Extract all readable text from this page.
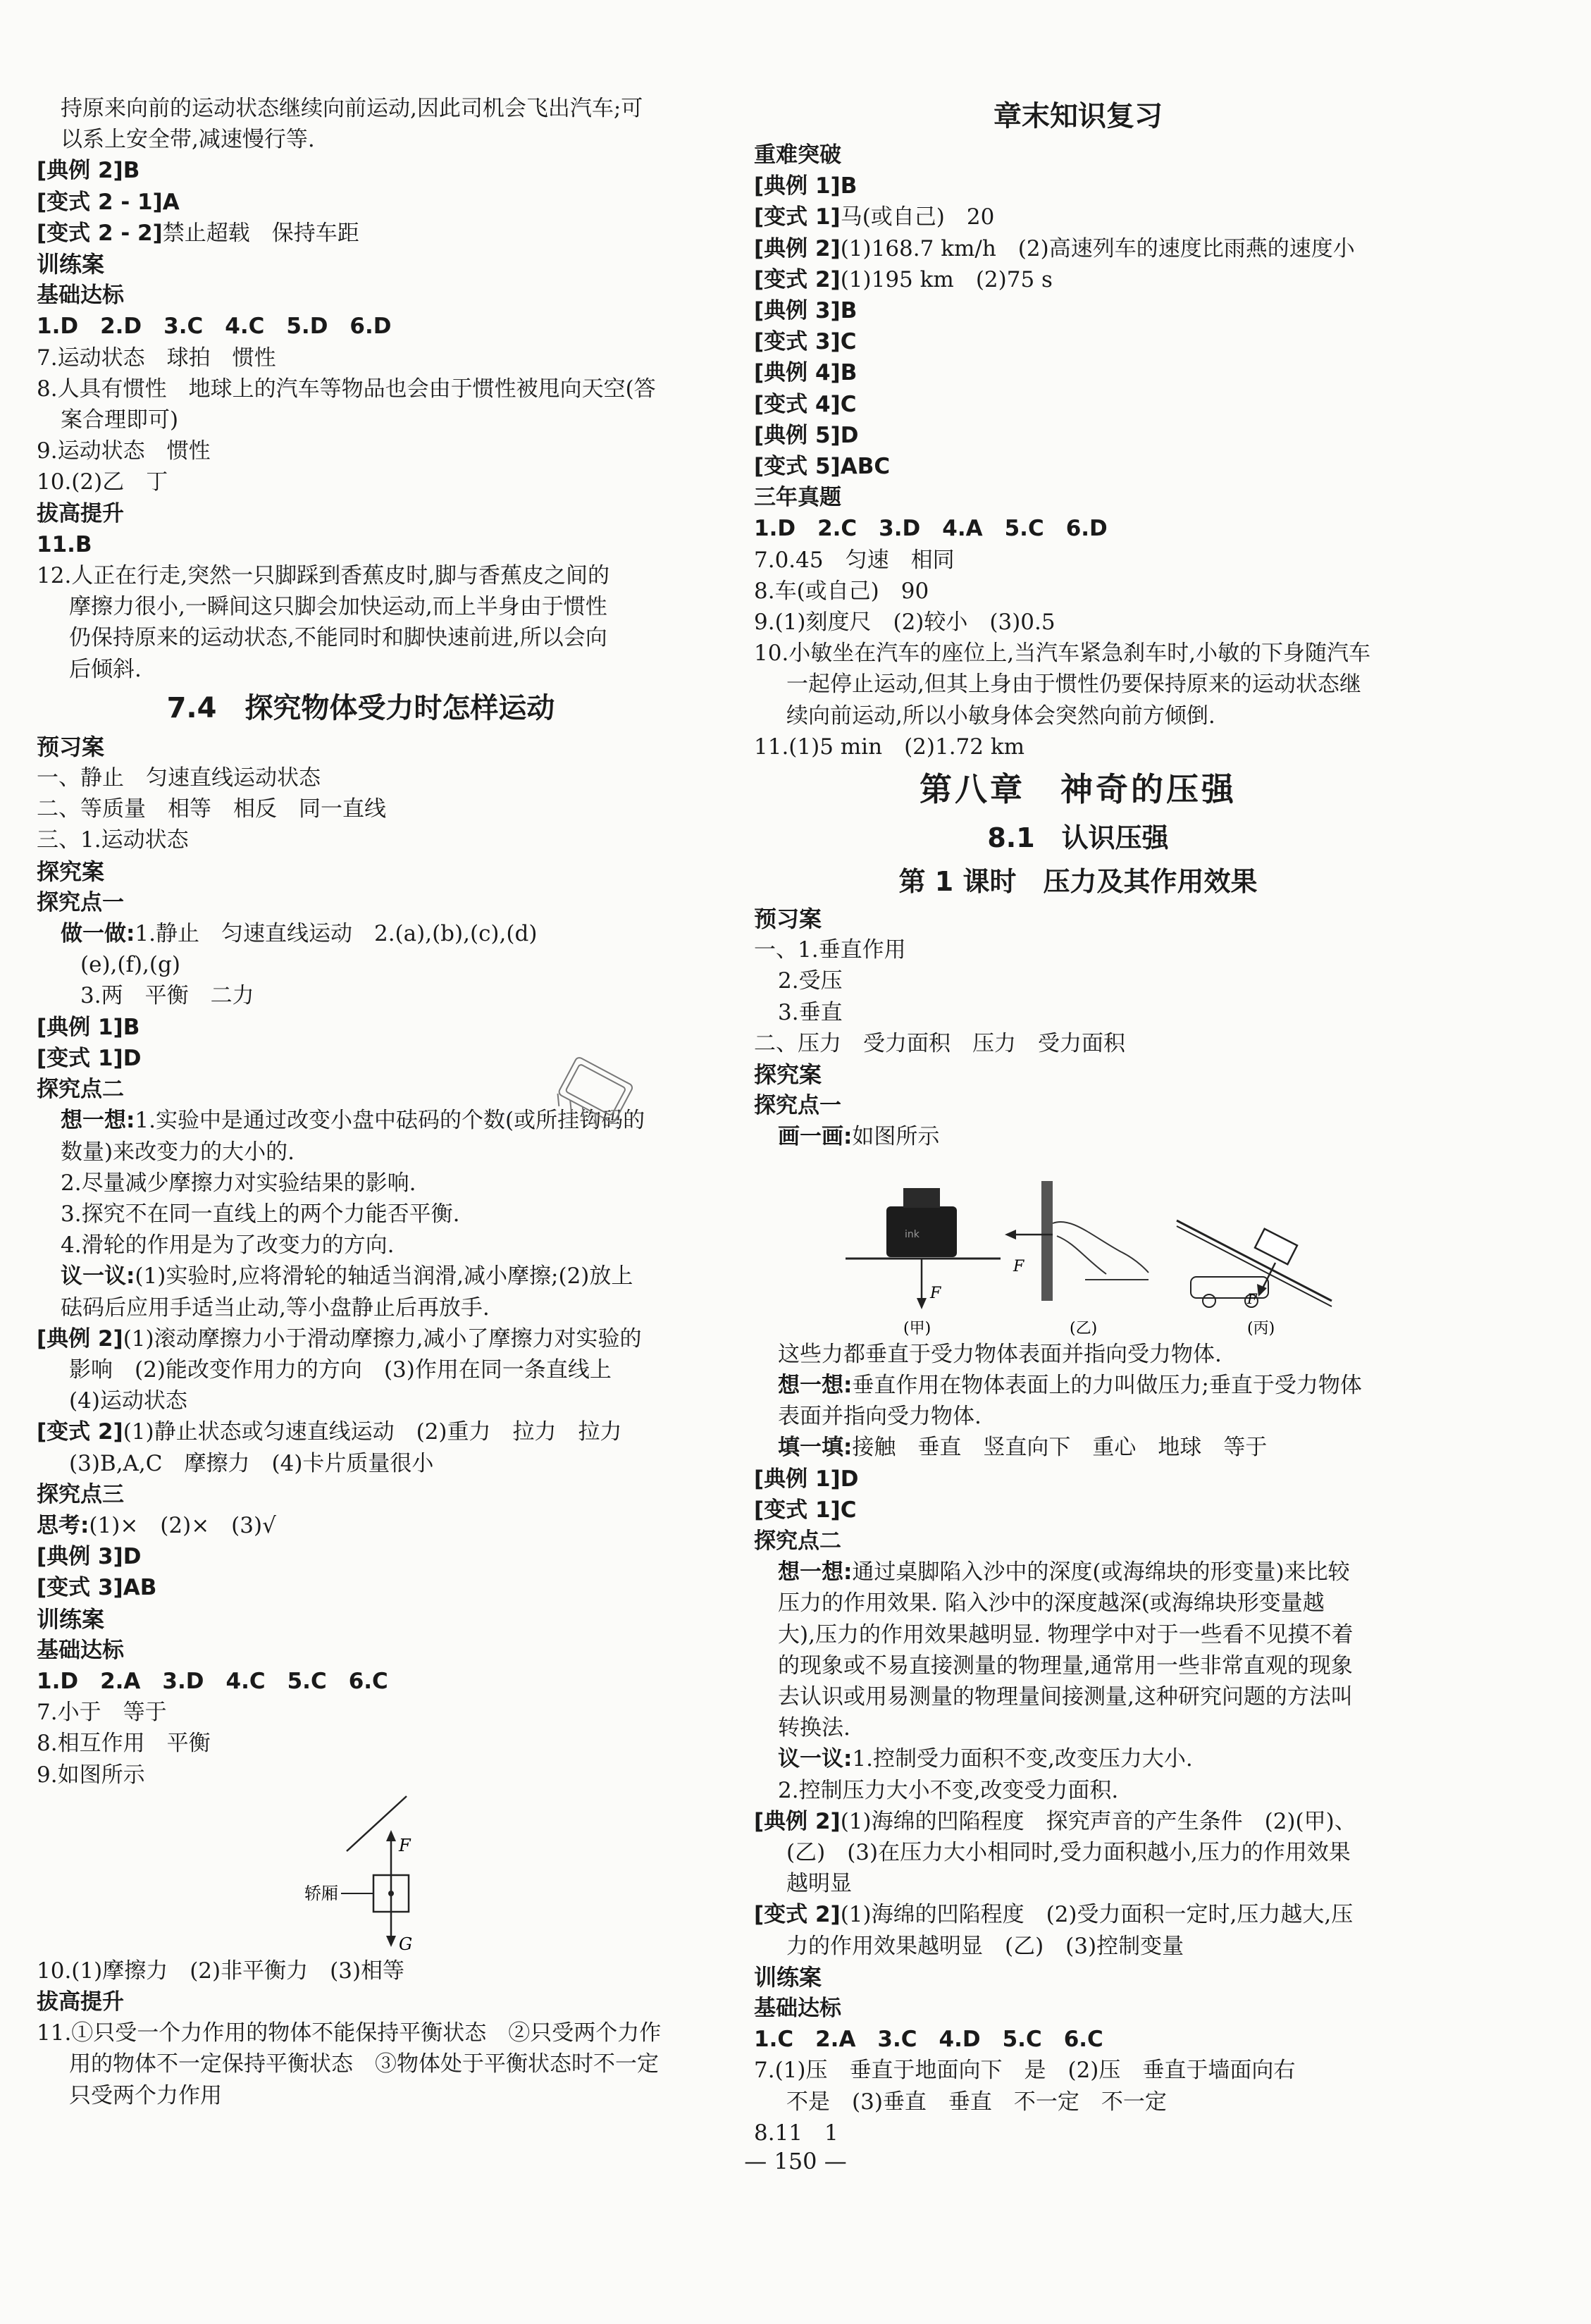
持原来向前的运动状态继续向前运动,因此司机会飞出汽车;可
以系上安全带,减速慢行等.
[典例 2]B
[变式 2 - 1]A
[变式 2 - 2]禁止超载　保持车距
训练案
基础达标
1.D　2.D　3.C　4.C　5.D　6.D
7.运动状态　球拍　惯性
8.人具有惯性　地球上的汽车等物品也会由于惯性被甩向天空(答
案合理即可)
9.运动状态　惯性
10.(2)乙　丁
拔高提升
11.B
12.人正在行走,突然一只脚踩到香蕉皮时,脚与香蕉皮之间的
摩擦力很小,一瞬间这只脚会加快运动,而上半身由于惯性
仍保持原来的运动状态,不能同时和脚快速前进,所以会向
后倾斜.
7.4　探究物体受力时怎样运动
预习案
一、静止　匀速直线运动状态
二、等质量　相等　相反　同一直线
三、1.运动状态
探究案
探究点一
做一做:1.静止　匀速直线运动　2.(a),(b),(c),(d)
(e),(f),(g)
3.两　平衡　二力
[典例 1]B
[变式 1]D
探究点二
想一想:1.实验中是通过改变小盘中砝码的个数(或所挂钩码的
数量)来改变力的大小的.
2.尽量减少摩擦力对实验结果的影响.
3.探究不在同一直线上的两个力能否平衡.
4.滑轮的作用是为了改变力的方向.
议一议:(1)实验时,应将滑轮的轴适当润滑,减小摩擦;(2)放上
砝码后应用手适当止动,等小盘静止后再放手.
[典例 2](1)滚动摩擦力小于滑动摩擦力,减小了摩擦力对实验的
影响　(2)能改变作用力的方向　(3)作用在同一条直线上
(4)运动状态
[变式 2](1)静止状态或匀速直线运动　(2)重力　拉力　拉力
(3)B,A,C　摩擦力　(4)卡片质量很小
探究点三
思考:(1)×　(2)×　(3)√
[典例 3]D
[变式 3]AB
训练案
基础达标
1.D　2.A　3.D　4.C　5.C　6.C
7.小于　等于
8.相互作用　平衡
9.如图所示
F
G
轿厢
10.(1)摩擦力　(2)非平衡力　(3)相等
拔高提升
11.①只受一个力作用的物体不能保持平衡状态　②只受两个力作
用的物体不一定保持平衡状态　③物体处于平衡状态时不一定
只受两个力作用
章末知识复习
重难突破
[典例 1]B
[变式 1]马(或自己)　20
[典例 2](1)168.7 km/h　(2)高速列车的速度比雨燕的速度小
[变式 2](1)195 km　(2)75 s
[典例 3]B
[变式 3]C
[典例 4]B
[变式 4]C
[典例 5]D
[变式 5]ABC
三年真题
1.D　2.C　3.D　4.A　5.C　6.D
7.0.45　匀速　相同
8.车(或自己)　90
9.(1)刻度尺　(2)较小　(3)0.5
10.小敏坐在汽车的座位上,当汽车紧急刹车时,小敏的下身随汽车
一起停止运动,但其上身由于惯性仍要保持原来的运动状态继
续向前运动,所以小敏身体会突然向前方倾倒.
11.(1)5 min　(2)1.72 km
第八章　神奇的压强
8.1　认识压强
第 1 课时　压力及其作用效果
预习案
一、1.垂直作用
2.受压
3.垂直
二、压力　受力面积　压力　受力面积
探究案
探究点一
画一画:如图所示
ink
F
(甲)
F
(乙)
F
(丙)
这些力都垂直于受力物体表面并指向受力物体.
想一想:垂直作用在物体表面上的力叫做压力;垂直于受力物体
表面并指向受力物体.
填一填:接触　垂直　竖直向下　重心　地球　等于
[典例 1]D
[变式 1]C
探究点二
想一想:通过桌脚陷入沙中的深度(或海绵块的形变量)来比较
压力的作用效果. 陷入沙中的深度越深(或海绵块形变量越
大),压力的作用效果越明显. 物理学中对于一些看不见摸不着
的现象或不易直接测量的物理量,通常用一些非常直观的现象
去认识或用易测量的物理量间接测量,这种研究问题的方法叫
转换法.
议一议:1.控制受力面积不变,改变压力大小.
2.控制压力大小不变,改变受力面积.
[典例 2](1)海绵的凹陷程度　探究声音的产生条件　(2)(甲)、
(乙)　(3)在压力大小相同时,受力面积越小,压力的作用效果
越明显
[变式 2](1)海绵的凹陷程度　(2)受力面积一定时,压力越大,压
力的作用效果越明显　(乙)　(3)控制变量
训练案
基础达标
1.C　2.A　3.C　4.D　5.C　6.C
7.(1)压　垂直于地面向下　是　(2)压　垂直于墙面向右
不是　(3)垂直　垂直　不一定　不一定
8.11　1
— 150 —
